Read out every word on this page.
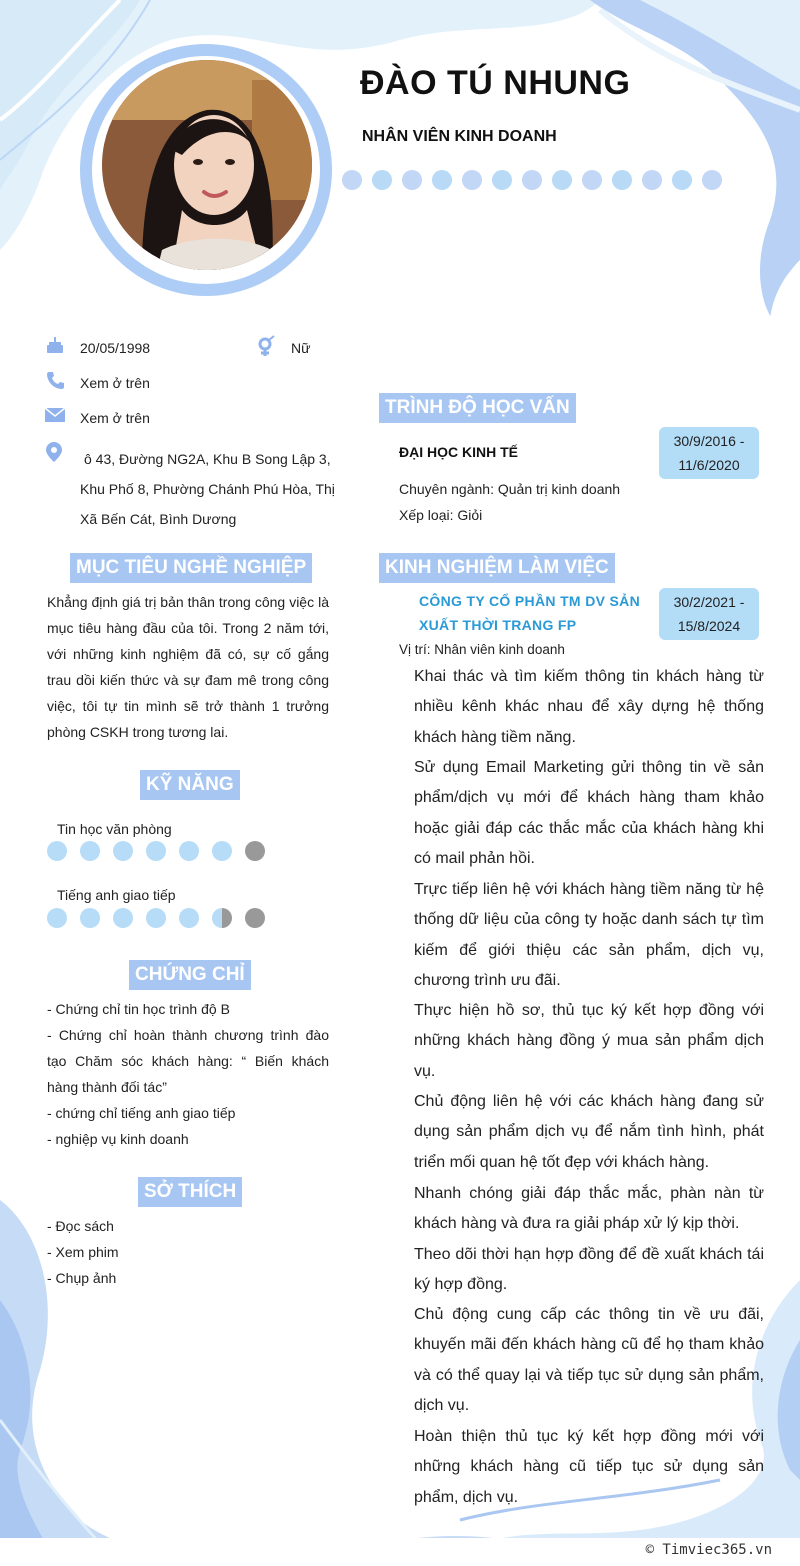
ĐÀO TÚ NHUNG
NHÂN VIÊN KINH DOANH
20/05/1998	Nữ
Xem ở trên
Xem ở trên
ô 43, Đường NG2A, Khu B Song Lập 3,
Khu Phố 8, Phường Chánh Phú Hòa, Thị
Xã Bến Cát, Bình Dương
MỤC TIÊU NGHỀ NGHIỆP
Khẳng định giá trị bản thân trong công việc là mục tiêu hàng đầu của tôi. Trong 2 năm tới, với những kinh nghiệm đã có, sự cố gắng trau dồi kiến thức và sự đam mê trong công việc, tôi tự tin mình sẽ trở thành 1 trưởng phòng CSKH trong tương lai.
KỸ NĂNG
Tin học văn phòng
Tiếng anh giao tiếp
CHỨNG CHỈ
- Chứng chỉ tin học trình độ B
- Chứng chỉ hoàn thành chương trình đào tạo Chăm sóc khách hàng: “ Biến khách hàng thành đối tác”
- chứng chỉ tiếng anh giao tiếp
- nghiệp vụ kinh doanh
SỞ THÍCH
- Đọc sách
- Xem phim
- Chụp ảnh
TRÌNH ĐỘ HỌC VẤN
ĐẠI HỌC KINH TẾ
30/9/2016 -
11/6/2020
Chuyên ngành: Quản trị kinh doanh
Xếp loại: Giỏi
KINH NGHIỆM LÀM VIỆC
CÔNG TY CỔ PHẦN TM DV SẢN
XUẤT THỜI TRANG FP
30/2/2021 -
15/8/2024
Vị trí: Nhân viên kinh doanh
Khai thác và tìm kiếm thông tin khách hàng từ nhiều kênh khác nhau để xây dựng hệ thống khách hàng tiềm năng.
Sử dụng Email Marketing gửi thông tin về sản phẩm/dịch vụ mới để khách hàng tham khảo hoặc giải đáp các thắc mắc của khách hàng khi có mail phản hồi.
Trực tiếp liên hệ với khách hàng tiềm năng từ hệ thống dữ liệu của công ty hoặc danh sách tự tìm kiếm để giới thiệu các sản phẩm, dịch vụ, chương trình ưu đãi.
Thực hiện hồ sơ, thủ tục ký kết hợp đồng với những khách hàng đồng ý mua sản phẩm dịch vụ.
Chủ động liên hệ với các khách hàng đang sử dụng sản phẩm dịch vụ để nắm tình hình, phát triển mối quan hệ tốt đẹp với khách hàng.
Nhanh chóng giải đáp thắc mắc, phàn nàn từ khách hàng và đưa ra giải pháp xử lý kịp thời.
Theo dõi thời hạn hợp đồng để đề xuất khách tái ký hợp đồng.
Chủ động cung cấp các thông tin về ưu đãi, khuyến mãi đến khách hàng cũ để họ tham khảo và có thể quay lại và tiếp tục sử dụng sản phẩm, dịch vụ.
Hoàn thiện thủ tục ký kết hợp đồng mới với những khách hàng cũ tiếp tục sử dụng sản phẩm, dịch vụ.
© Timviec365.vn
